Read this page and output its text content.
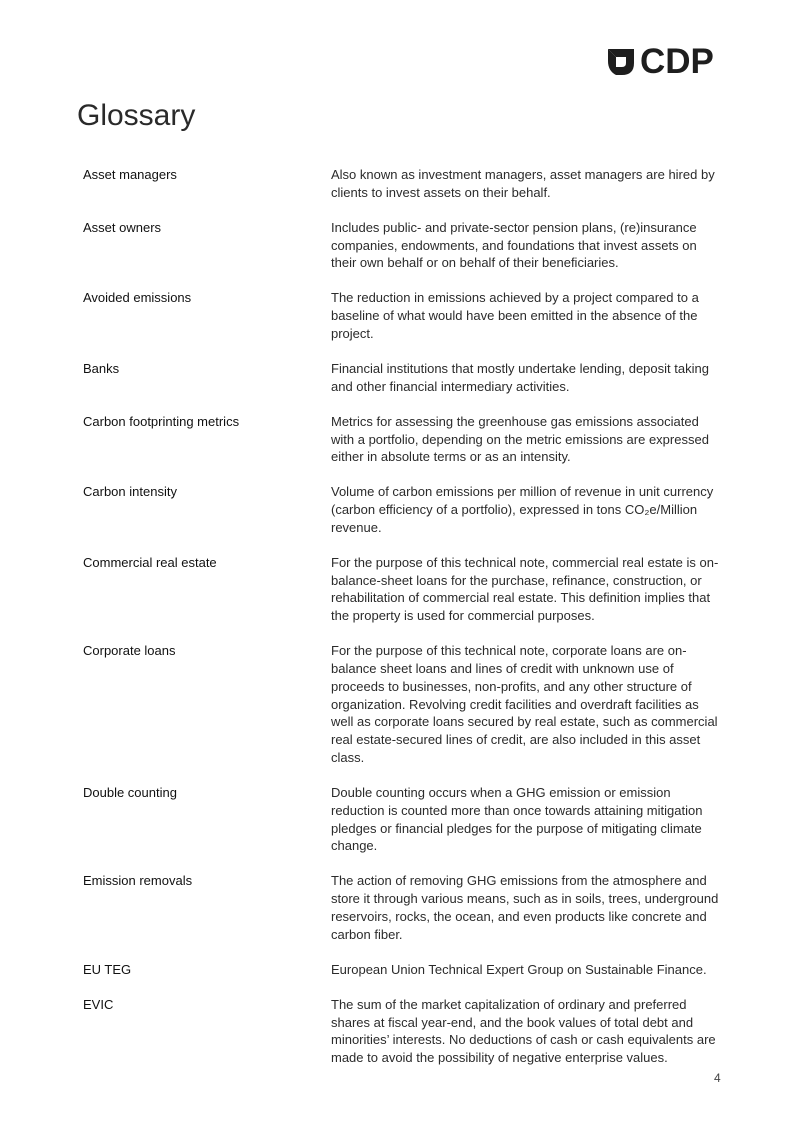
CDP
Glossary
Asset managers	Also known as investment managers, asset managers are hired by clients to invest assets on their behalf.
Asset owners	Includes public- and private-sector pension plans, (re)insurance companies, endowments, and foundations that invest assets on their own behalf or on behalf of their beneficiaries.
Avoided emissions	The reduction in emissions achieved by a project compared to a baseline of what would have been emitted in the absence of the project.
Banks	Financial institutions that mostly undertake lending, deposit taking and other financial intermediary activities.
Carbon footprinting metrics	Metrics for assessing the greenhouse gas emissions associated with a portfolio, depending on the metric emissions are expressed either in absolute terms or as an intensity.
Carbon intensity	Volume of carbon emissions per million of revenue in unit currency (carbon efficiency of a portfolio), expressed in tons CO₂e/Million revenue.
Commercial real estate	For the purpose of this technical note, commercial real estate is on-balance-sheet loans for the purchase, refinance, construction, or rehabilitation of commercial real estate. This definition implies that the property is used for commercial purposes.
Corporate loans	For the purpose of this technical note, corporate loans are on-balance sheet loans and lines of credit with unknown use of proceeds to businesses, non-profits, and any other structure of organization. Revolving credit facilities and overdraft facilities as well as corporate loans secured by real estate, such as commercial real estate-secured lines of credit, are also included in this asset class.
Double counting	Double counting occurs when a GHG emission or emission reduction is counted more than once towards attaining mitigation pledges or financial pledges for the purpose of mitigating climate change.
Emission removals	The action of removing GHG emissions from the atmosphere and store it through various means, such as in soils, trees, underground reservoirs, rocks, the ocean, and even products like concrete and carbon fiber.
EU TEG	European Union Technical Expert Group on Sustainable Finance.
EVIC	The sum of the market capitalization of ordinary and preferred shares at fiscal year-end, and the book values of total debt and minorities’ interests. No deductions of cash or cash equivalents are made to avoid the possibility of negative enterprise values.
4
